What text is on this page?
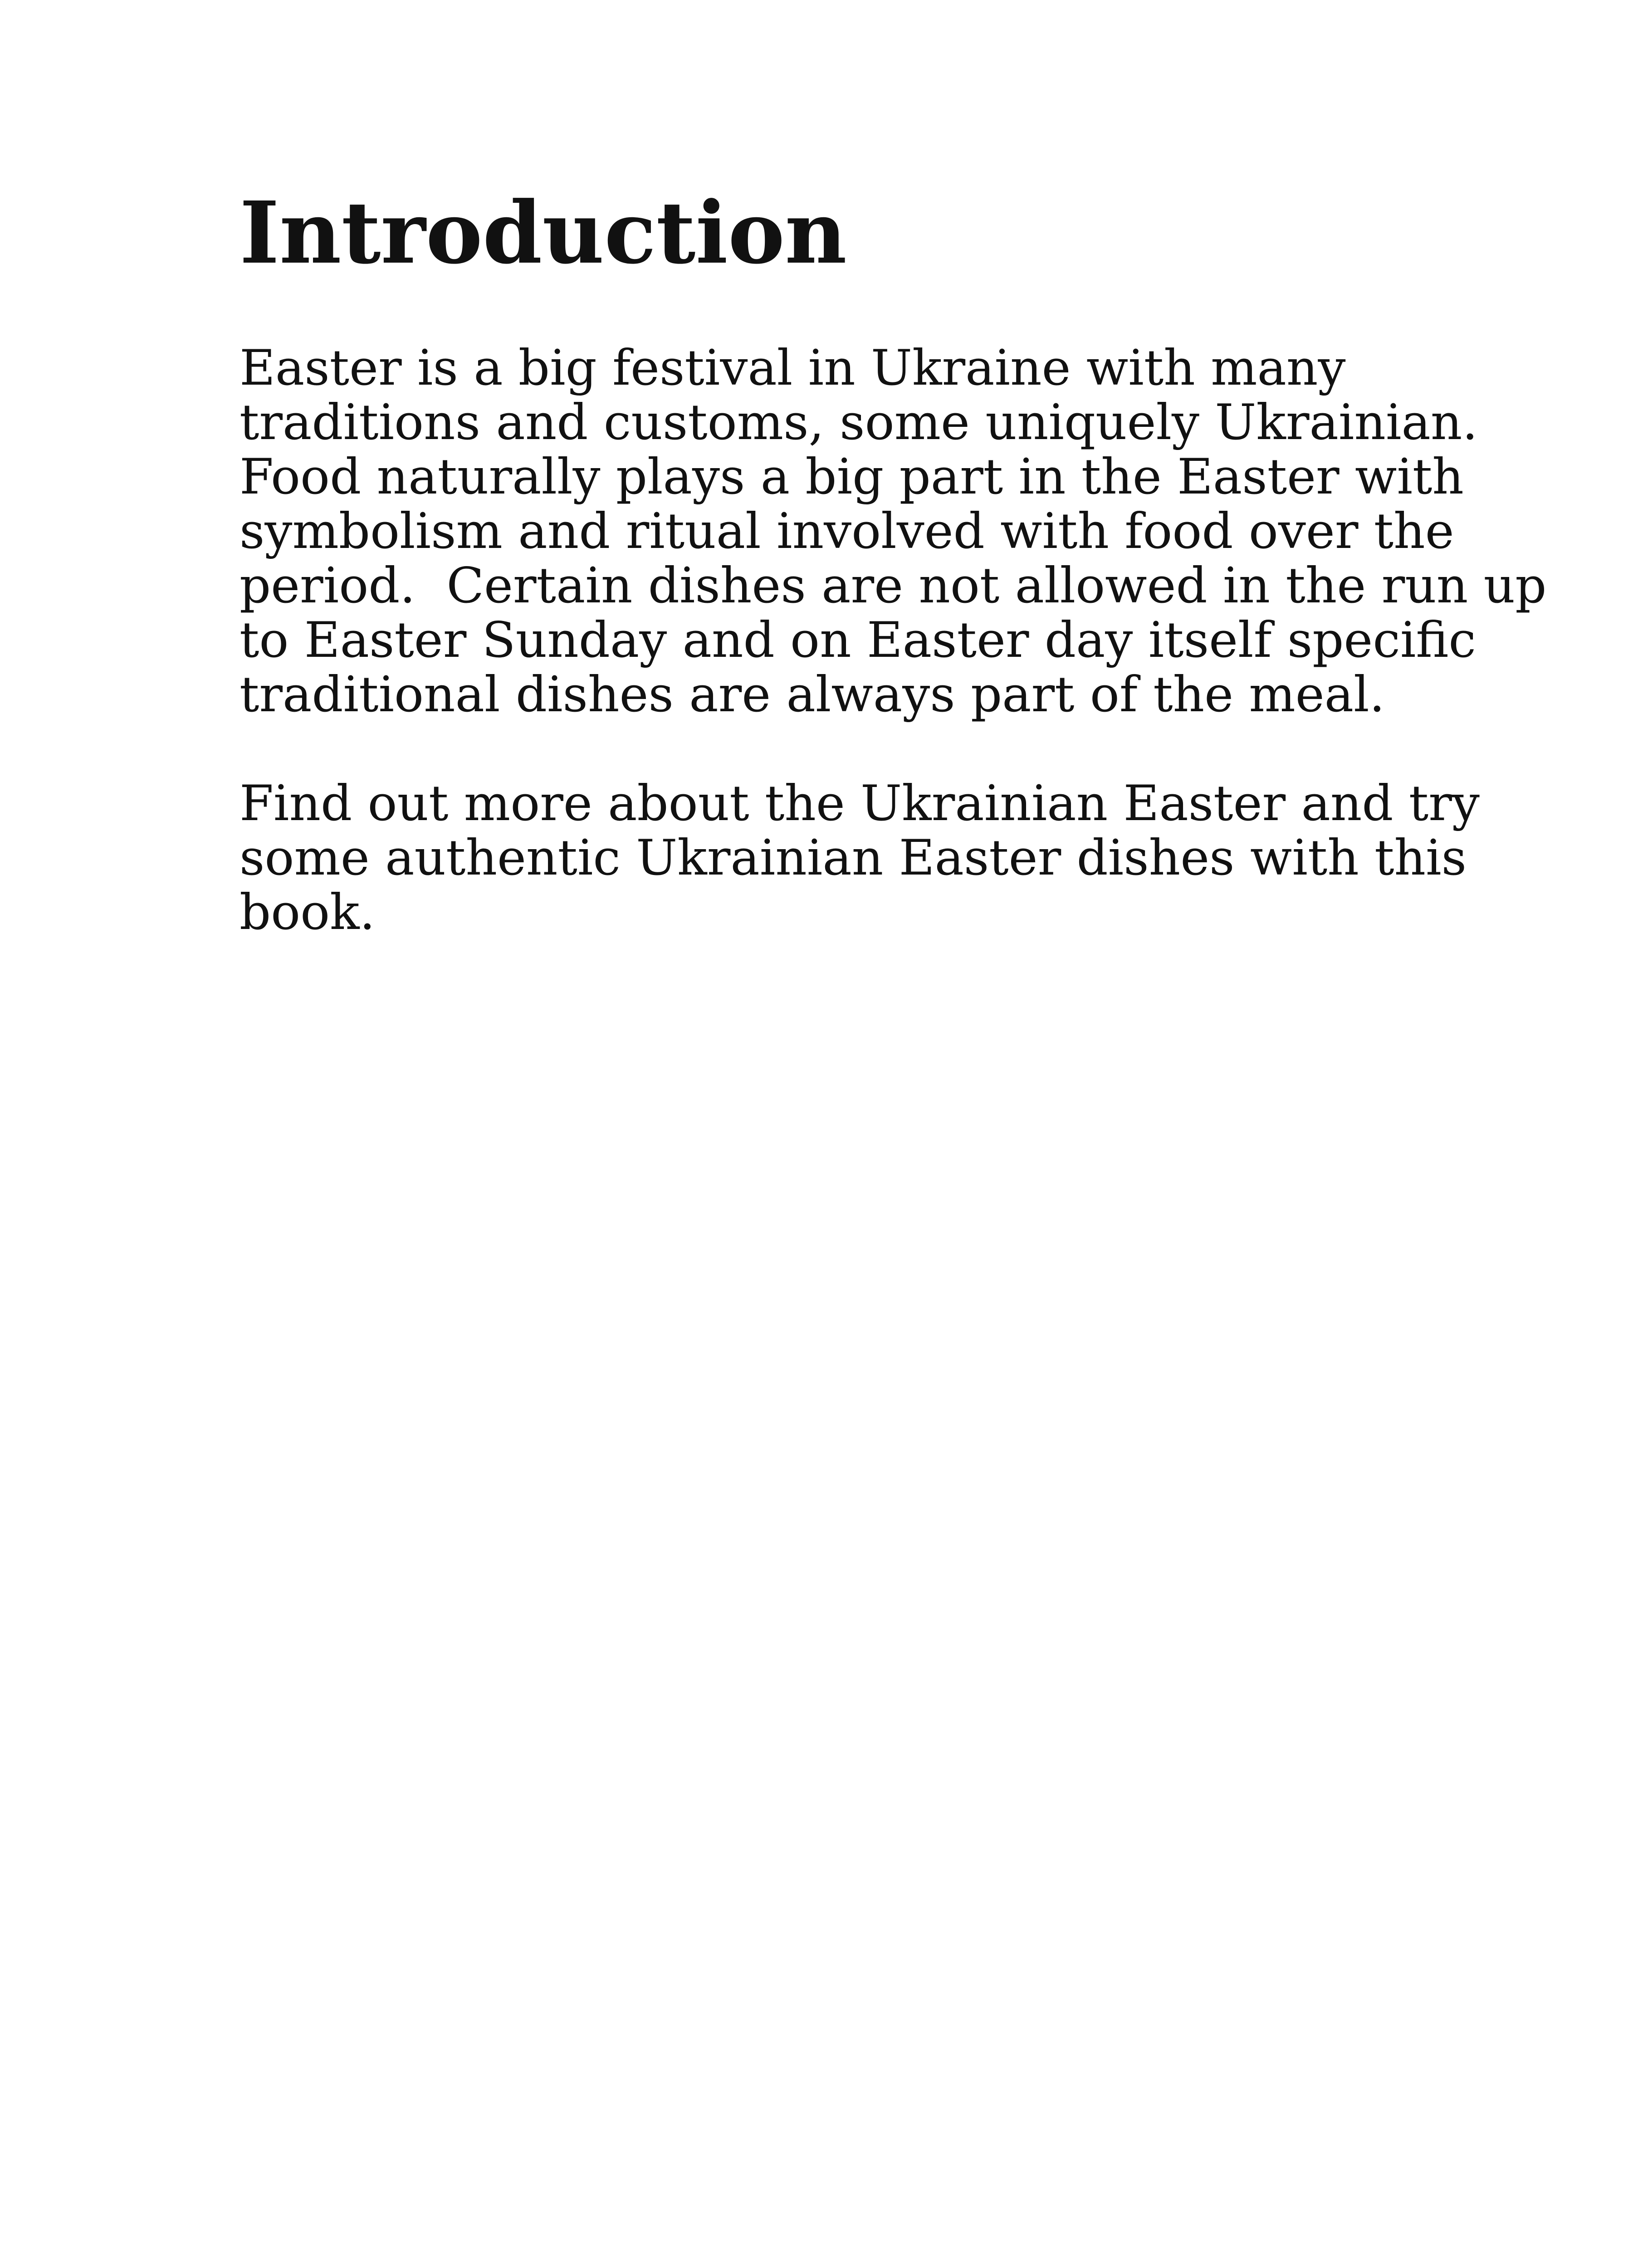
Introduction
Easter is a big festival in Ukraine with many
traditions and customs, some uniquely Ukrainian.
Food naturally plays a big part in the Easter with
symbolism and ritual involved with food over the
period.  Certain dishes are not allowed in the run up
to Easter Sunday and on Easter day itself specific
traditional dishes are always part of the meal.
Find out more about the Ukrainian Easter and try
some authentic Ukrainian Easter dishes with this
book.
